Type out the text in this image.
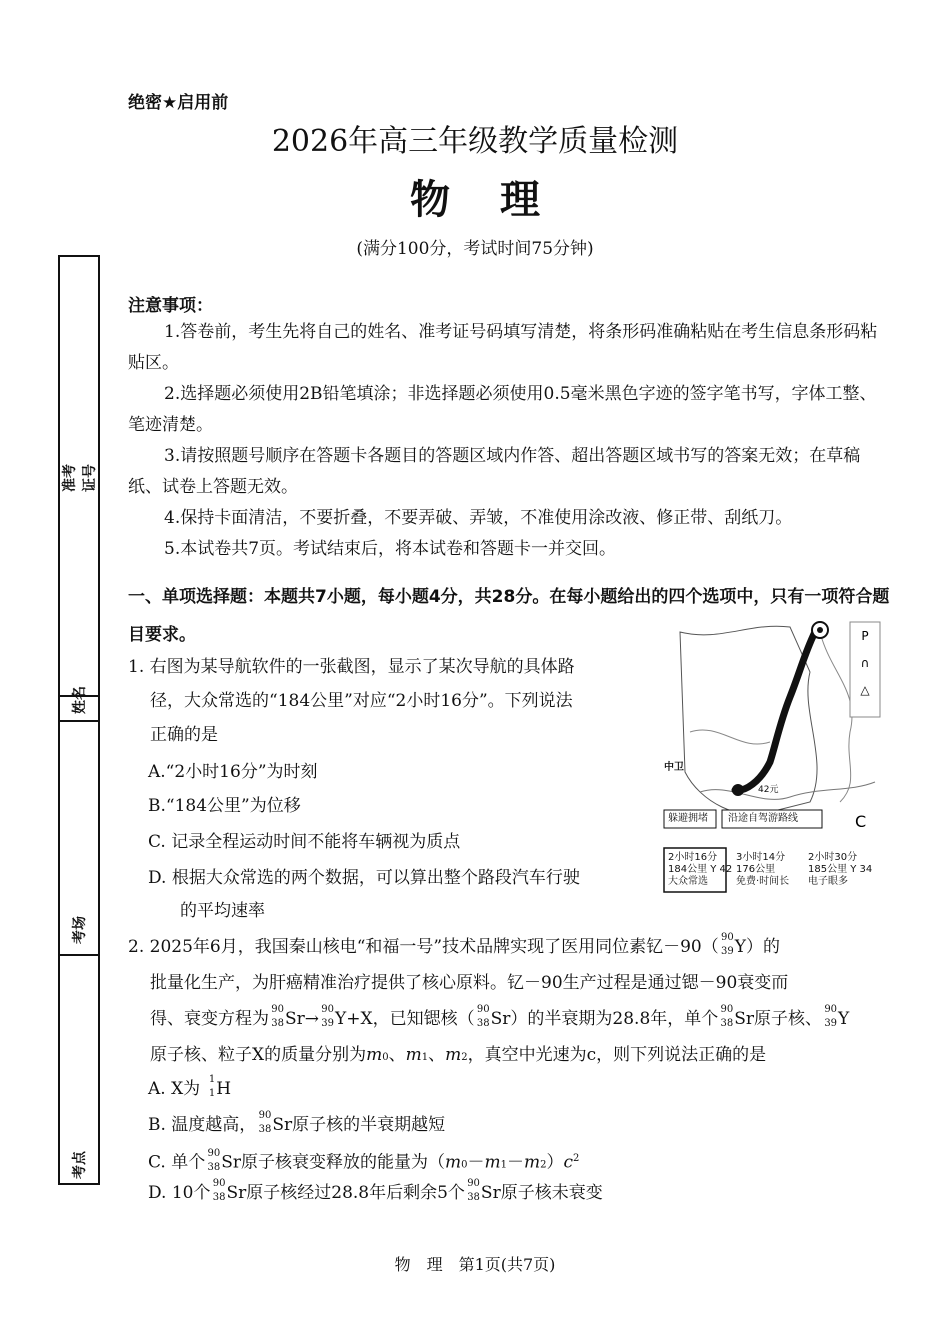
绝密★启用前
2026年高三年级教学质量检测
物理
(满分100分，考试时间75分钟)
准考证号
姓名
考场
考点
注意事项：
1.答卷前，考生先将自己的姓名、准考证号码填写清楚，将条形码准确粘贴在考生信息条形码粘贴区。
2.选择题必须使用2B铅笔填涂；非选择题必须使用0.5毫米黑色字迹的签字笔书写，字体工整、笔迹清楚。
3.请按照题号顺序在答题卡各题目的答题区域内作答、超出答题区域书写的答案无效；在草稿纸、试卷上答题无效。
4.保持卡面清洁，不要折叠，不要弄破、弄皱，不准使用涂改液、修正带、刮纸刀。
5.本试卷共7页。考试结束后，将本试卷和答题卡一并交回。
一、单项选择题：本题共7小题，每小题4分，共28分。在每小题给出的四个选项中，只有一项符合题目要求。
1. 右图为某导航软件的一张截图，显示了某次导航的具体路
径，大众常选的“184公里”对应“2小时16分”。下列说法
正确的是
A.“2小时16分”为时刻
B.“184公里”为位移
C. 记录全程运动时间不能将车辆视为质点
D. 根据大众常选的两个数据，可以算出整个路段汽车行驶
的平均速率
P
∩
△
C
中卫
42元
躲避拥堵 沿途自驾游路线
2小时16分
184公里 Y 42
大众常选
3小时14分
176公里
免费·时间长
2小时30分
185公里 Y 34
电子眼多
2. 2025年6月，我国秦山核电“和福一号”技术品牌实现了医用同位素钇－90（ 90
39 Y）的
批量化生产，为肝癌精准治疗提供了核心原料。钇－90生产过程是通过锶－90衰变而
得、衰变方程为 90
38 Sr→ 90
39 Y+X，已知锶核（ 90
38 Sr）的半衰期为28.8年，单个 90
38 Sr原子核、 90
39 Y
原子核、粒子X的质量分别为m0、m1、m2，真空中光速为c，则下列说法正确的是
A. X为 1
1 H
B. 温度越高， 90
38 Sr原子核的半衰期越短
C. 单个 90
38 Sr原子核衰变释放的能量为$(m0-m1-m2)c^2$
D. 10个 90
38 Sr原子核经过28.8年后剩余5个 90
38 Sr原子核未衰变
物　理　第1页(共7页)
